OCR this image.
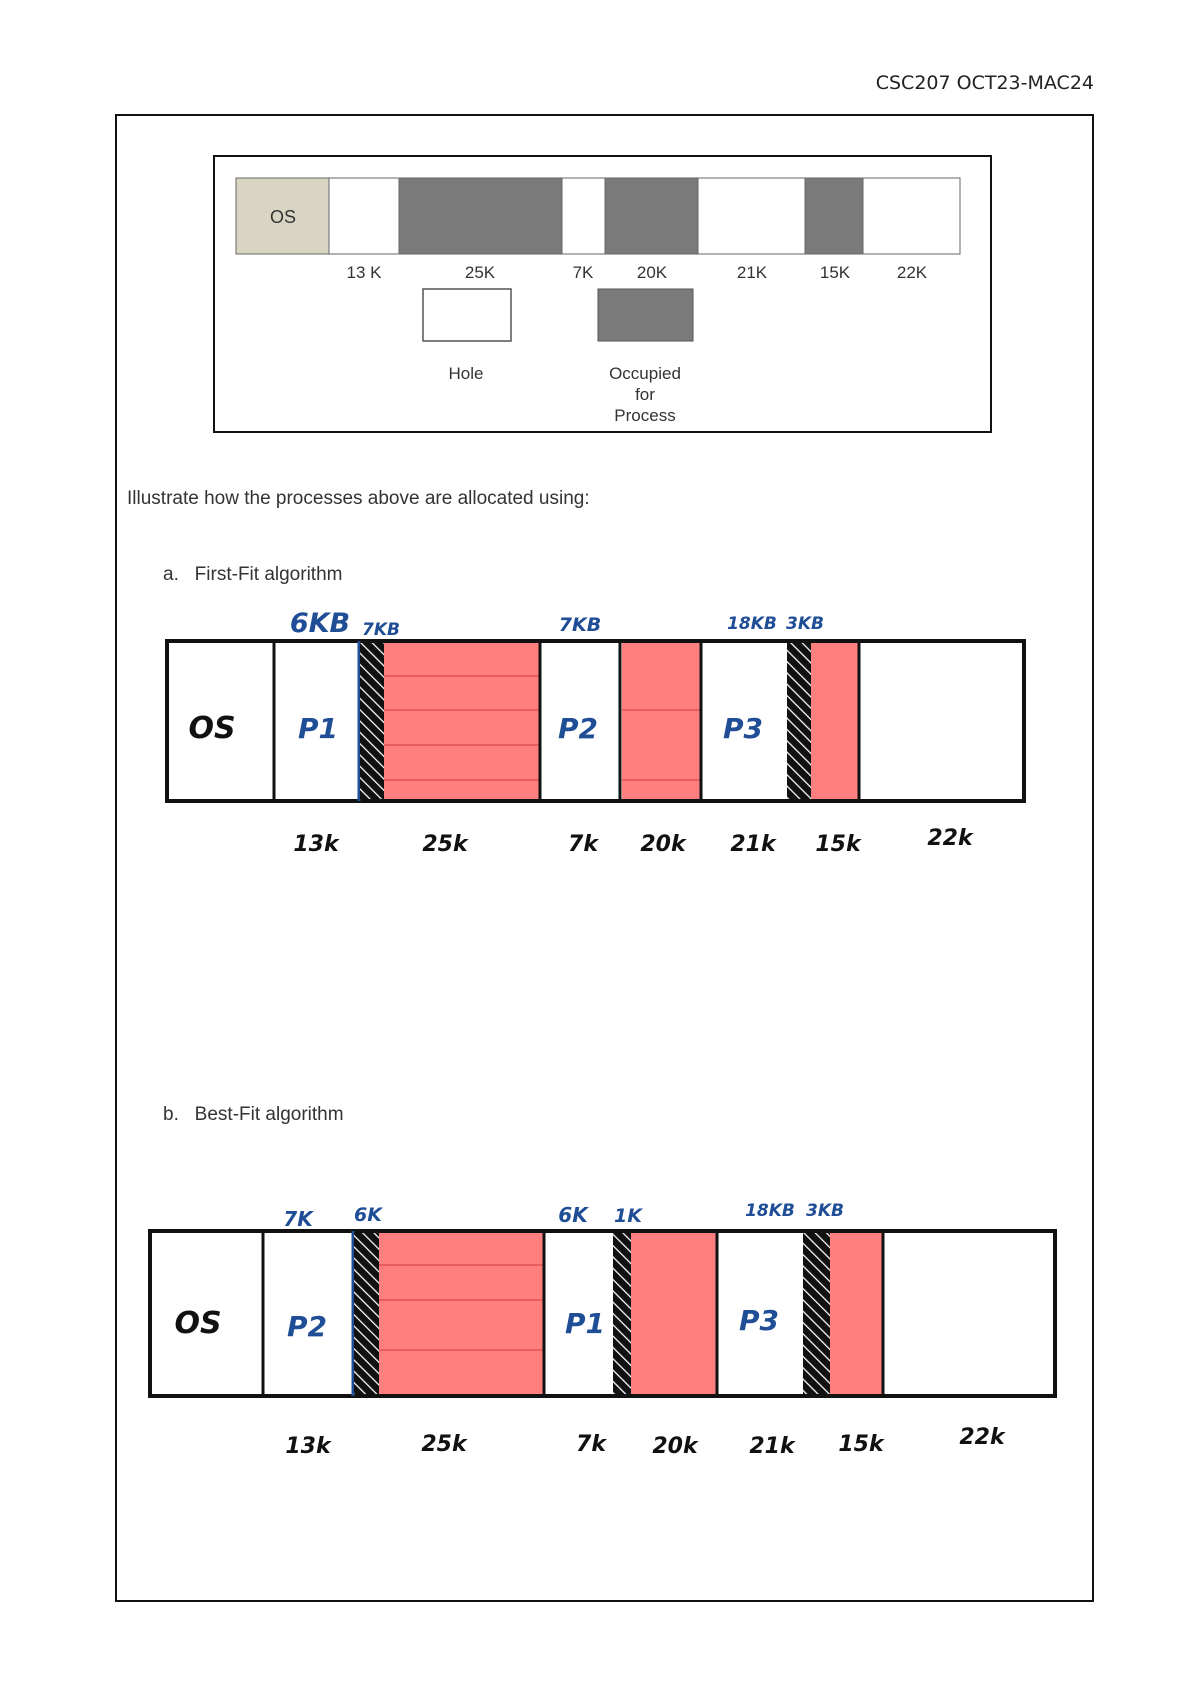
CSC207 OCT23-MAC24
OS
13 K	25K	7K	20K	21K	15K	22K
Hole	Occupied
for
Process
OS P1	P2	P3
6KB 7KB	7KB	18KB 3KB
13k	25k	7k 20k 21k 15k	22k
OS P2	P1	P3
7K 6K	6K 1K	18KB 3KB
13k	25k	7k 20k 21k 15k	22k
Illustrate how the processes above are allocated using:
a.   First-Fit algorithm
b.   Best-Fit algorithm
